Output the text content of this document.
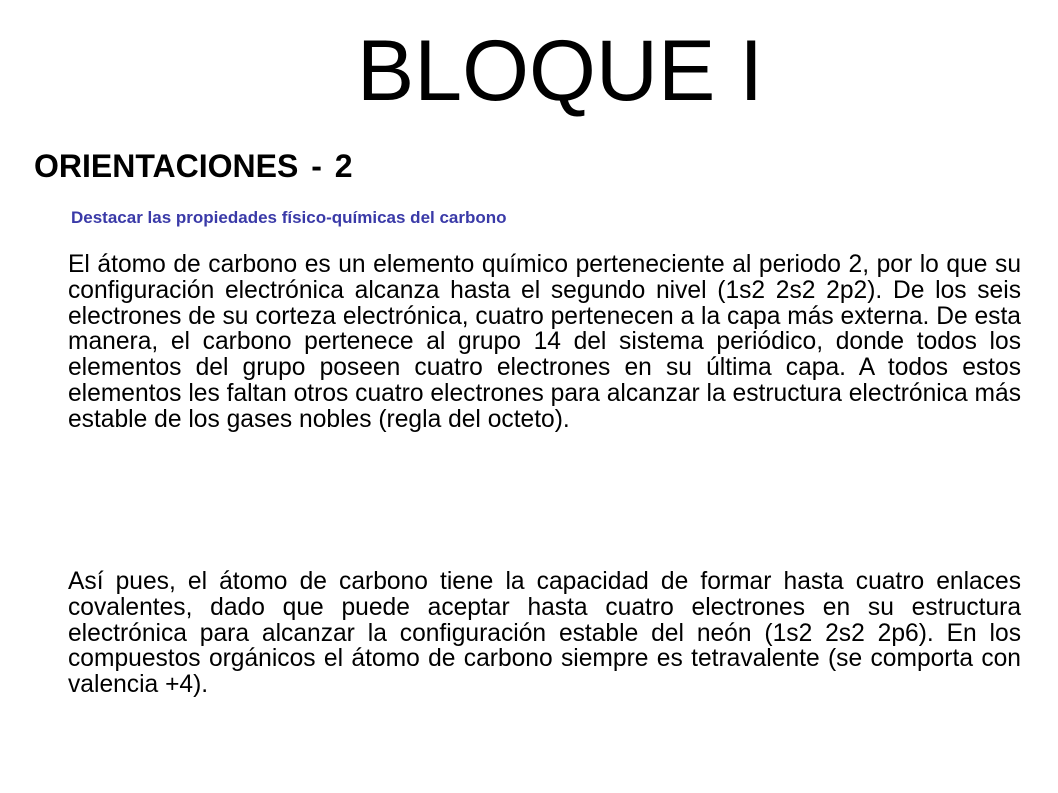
BLOQUE I
ORIENTACIONES - 2
Destacar las propiedades físico-químicas del carbono

El átomo de carbono es un elemento químico perteneciente al periodo 2, por lo que su configuración electrónica alcanza hasta el segundo nivel (1s2 2s2 2p2). De los seis electrones de su corteza electrónica, cuatro pertenecen a la capa más externa. De esta manera, el carbono pertenece al grupo 14 del sistema periódico, donde todos los elementos del grupo poseen cuatro electrones en su última capa. A todos estos elementos les faltan otros cuatro electrones para alcanzar la estructura electrónica más estable de los gases nobles (regla del octeto).

Así pues, el átomo de carbono tiene la capacidad de formar hasta cuatro enlaces covalentes, dado que puede aceptar hasta cuatro electrones en su estructura electrónica para alcanzar la configuración estable del neón (1s2 2s2 2p6). En los compuestos orgánicos el átomo de carbono siempre es tetravalente (se comporta con valencia +4).
